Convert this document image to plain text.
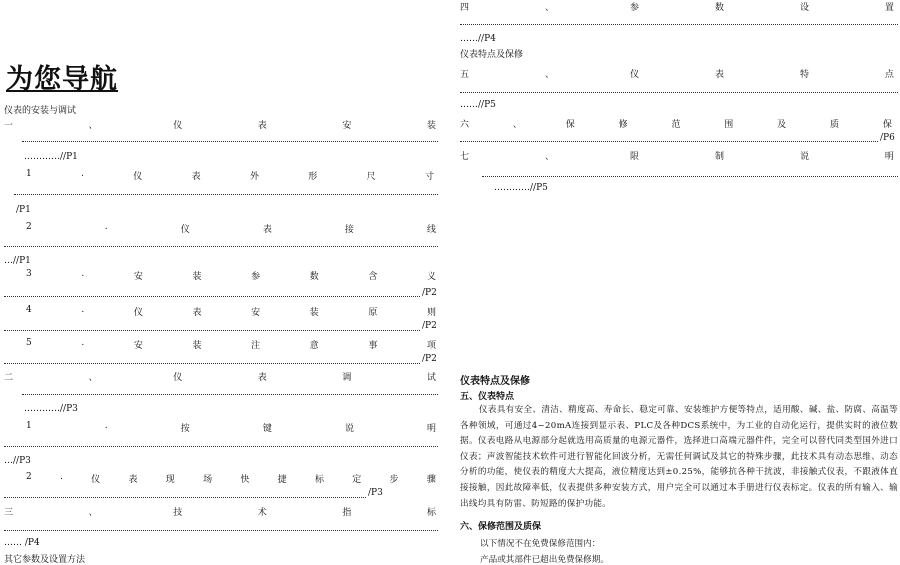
为您导航
仪表的安装与调试
一	、	仪	表	安	装
…………//P1
1	.	仪	表	外	形	尺	寸
/P1
2	.	仪	表	接	线
…//P1
3	.	安	装	参	数	含	义
/P2
4	.	仪	表	安	装	原	则
/P2
5	.	安	装	注	意	事	项
/P2
二	、	仪	表	调	试
…………//P3
1	.	按	键	说	明
…//P3
2	.	仪	表	现	场	快	捷	标	定	步	骤
/P3
三	、	技	术	指	标
…… /P4
其它参数及设置方法
四	、	参	数	设	置
……//P4
仪表特点及保修
五	、	仪	表	特	点
……//P5
六	、	保	修	范	围	及	质	保
/P6
七	、	限	制	说	明
…………//P5
仪表特点及保修
五、仪表特点
仪表具有安全、清洁、精度高、寿命长、稳定可靠、安装维护方便等特点，适用酸、碱、盐、防腐、高温等各种领域，可通过4~20mA连接到显示表、PLC及各种DCS系统中，为工业的自动化运行，提供实时的液位数据。仪表电路从电源部分起就选用高质量的电源元器件，选择进口高端元器件件，完全可以替代同类型国外进口仪表；声波智能技术软件可进行智能化回波分析，无需任何调试及其它的特殊步骤，此技术具有动态思维、动态分析的功能，使仪表的精度大大提高，液位精度达到±0.25%，能够抗各种干扰波，非接触式仪表，不跟液体直接接触，因此故障率低，仪表提供多种安装方式，用户完全可以通过本手册进行仪表标定。仪表的所有输入、输出线均具有防雷、防短路的保护功能。
六、保修范围及质保
以下情况不在免费保修范围内：
产品或其部件已超出免费保修期。
